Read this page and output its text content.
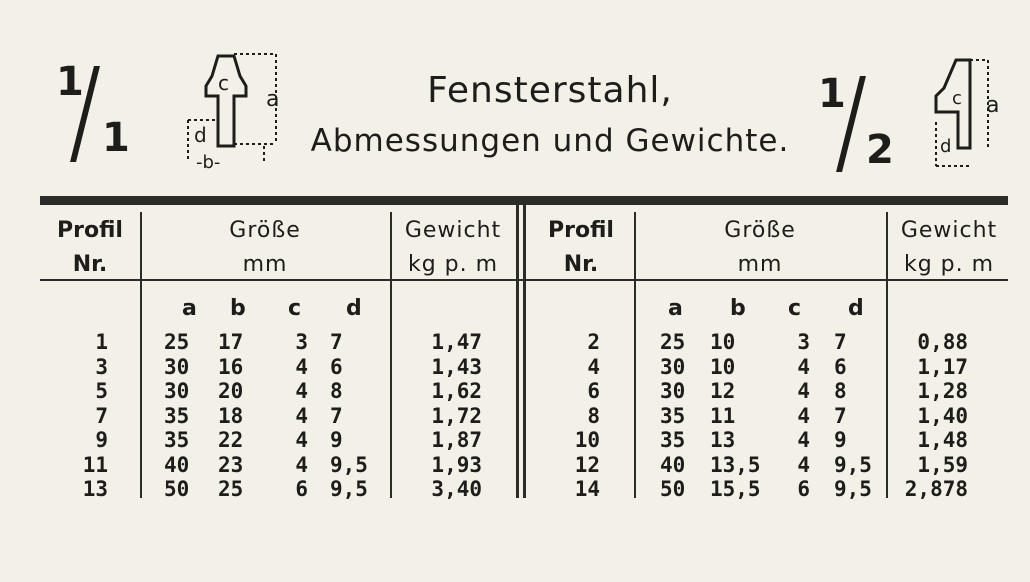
1
1
c
a
d
-b-
Fensterstahl,
Abmessungen und Gewichte.
1
2
c a
d
Profil
Nr.
Größe
mm
Gewicht
kg p. m
Profil
Nr.
Größe
mm
Gewicht
kg p. m
a b c d	a b c d
1	25 17	3 7	1,47
3	30 16	4 6	1,43
5	30 20	4 8	1,62
7	35 18	4 7	1,72
9	35 22	4 9	1,87
11	40 23	4 9,5	1,93
13	50 25	6 9,5	3,40
2	25 10	3 7	0,88
4	30 10	4 6	1,17
6	30 12	4 8	1,28
8	35 11	4 7	1,40
10	35 13	4 9	1,48
12	40 13,5	4 9,5	1,59
14	50 15,5	6 9,5	2,878
